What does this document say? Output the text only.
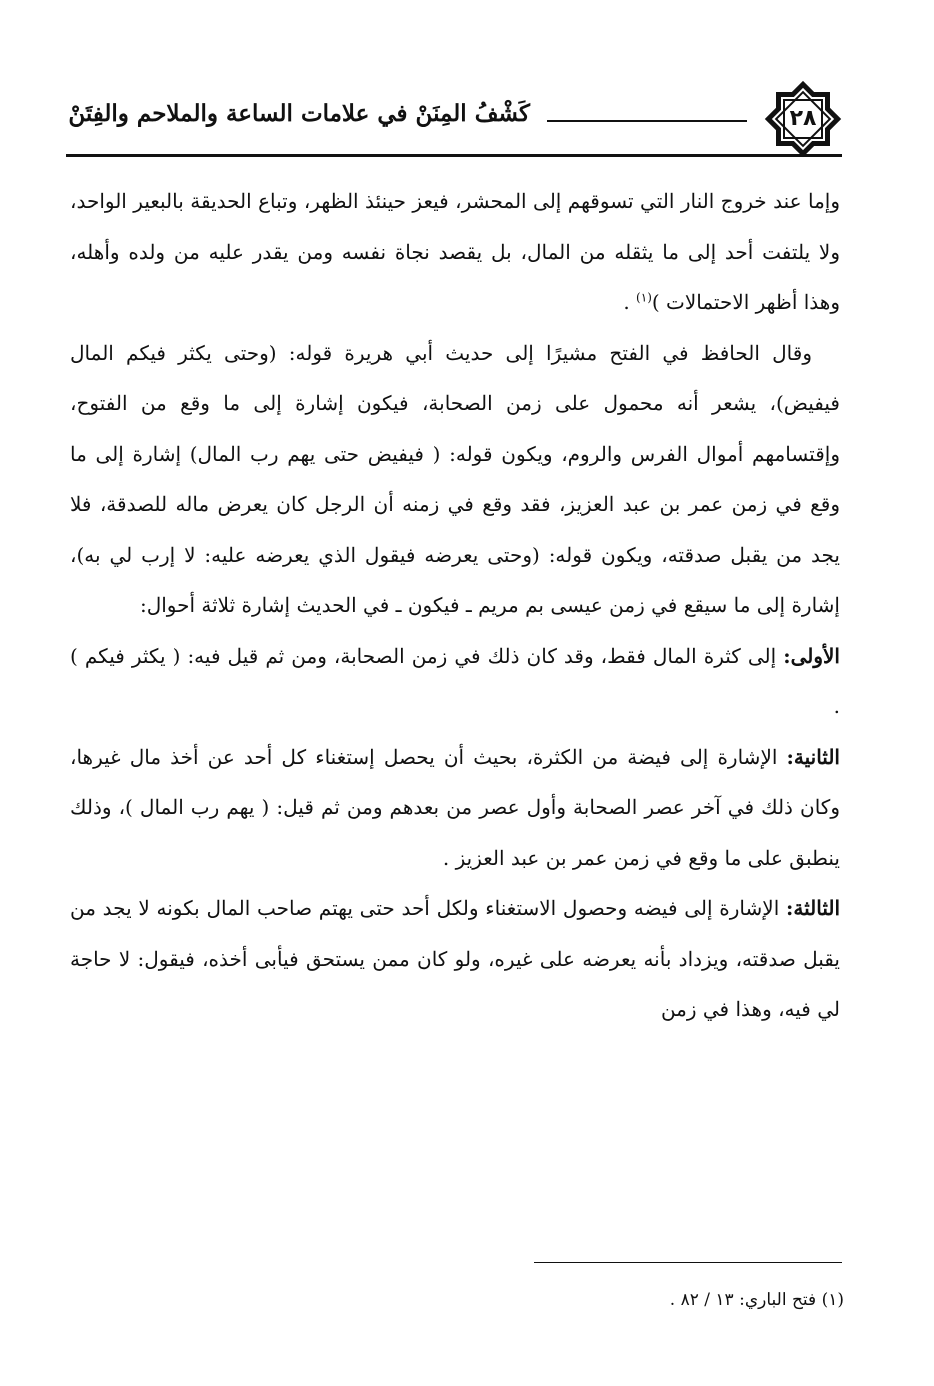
٢٨
كَشْفُ المِنَنْ في علامات الساعة والملاحم والفِتَنْ

وإما عند خروج النار التي تسوقهم إلى المحشر، فيعز حينئذ الظهر، وتباع الحديقة بالبعير الواحد، ولا يلتفت أحد إلى ما يثقله من المال، بل يقصد نجاة نفسه ومن يقدر عليه من ولده وأهله، وهذا أظهر الاحتمالات )$^{(١)}$ .

وقال الحافظ في الفتح مشيرًا إلى حديث أبي هريرة قوله: (وحتى يكثر فيكم المال فيفيض)، يشعر أنه محمول على زمن الصحابة، فيكون إشارة إلى ما وقع من الفتوح، وإقتسامهم أموال الفرس والروم، ويكون قوله: ( فيفيض حتى يهم رب المال) إشارة إلى ما وقع في زمن عمر بن عبد العزيز، فقد وقع في زمنه أن الرجل كان يعرض ماله للصدقة، فلا يجد من يقبل صدقته، ويكون قوله: (وحتى يعرضه فيقول الذي يعرضه عليه: لا إرب لي به)، إشارة إلى ما سيقع في زمن عيسى بم مريم ـ فيكون ـ في الحديث إشارة ثلاثة أحوال:

الأولى: إلى كثرة المال فقط، وقد كان ذلك في زمن الصحابة، ومن ثم قيل فيه: ( يكثر فيكم ) .

الثانية: الإشارة إلى فيضة من الكثرة، بحيث أن يحصل إستغناء كل أحد عن أخذ مال غيرها، وكان ذلك في آخر عصر الصحابة وأول عصر من بعدهم ومن ثم قيل: ( يهم رب المال )، وذلك ينطبق على ما وقع في زمن عمر بن عبد العزيز .

الثالثة: الإشارة إلى فيضه وحصول الاستغناء ولكل أحد حتى يهتم صاحب المال بكونه لا يجد من يقبل صدقته، ويزداد بأنه يعرضه على غيره، ولو كان ممن يستحق فيأبى أخذه، فيقول: لا حاجة لي فيه، وهذا في زمن

(١) فتح الباري: ١٣ / ٨٢ .
